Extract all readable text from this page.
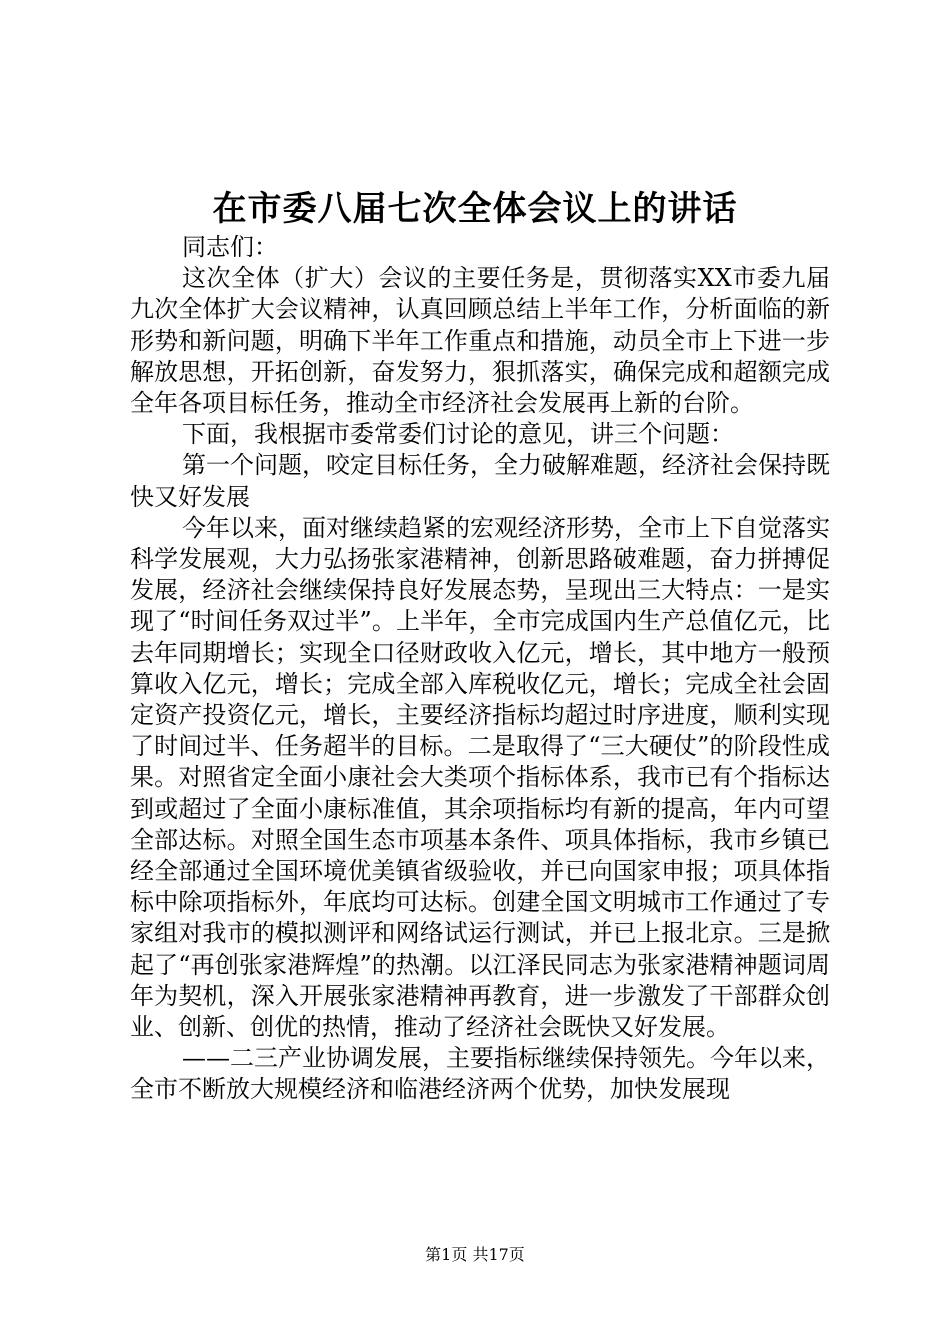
在市委八届七次全体会议上的讲话

同志们：

这次全体（扩大）会议的主要任务是，贯彻落实XX市委九届九次全体扩大会议精神，认真回顾总结上半年工作，分析面临的新形势和新问题，明确下半年工作重点和措施，动员全市上下进一步解放思想，开拓创新，奋发努力，狠抓落实，确保完成和超额完成全年各项目标任务，推动全市经济社会发展再上新的台阶。

下面，我根据市委常委们讨论的意见，讲三个问题：

第一个问题，咬定目标任务，全力破解难题，经济社会保持既快又好发展

今年以来，面对继续趋紧的宏观经济形势，全市上下自觉落实科学发展观，大力弘扬张家港精神，创新思路破难题，奋力拼搏促发展，经济社会继续保持良好发展态势，呈现出三大特点：一是实现了“时间任务双过半”。上半年，全市完成国内生产总值亿元，比去年同期增长；实现全口径财政收入亿元，增长，其中地方一般预算收入亿元，增长；完成全部入库税收亿元，增长；完成全社会固定资产投资亿元，增长，主要经济指标均超过时序进度，顺利实现了时间过半、任务超半的目标。二是取得了“三大硬仗”的阶段性成果。对照省定全面小康社会大类项个指标体系，我市已有个指标达到或超过了全面小康标准值，其余项指标均有新的提高，年内可望全部达标。对照全国生态市项基本条件、项具体指标，我市乡镇已经全部通过全国环境优美镇省级验收，并已向国家申报；项具体指标中除项指标外，年底均可达标。创建全国文明城市工作通过了专家组对我市的模拟测评和网络试运行测试，并已上报北京。三是掀起了“再创张家港辉煌”的热潮。以江泽民同志为张家港精神题词周年为契机，深入开展张家港精神再教育，进一步激发了干部群众创业、创新、创优的热情，推动了经济社会既快又好发展。

——二三产业协调发展，主要指标继续保持领先。今年以来，全市不断放大规模经济和临港经济两个优势，加快发展现

第1页 共17页
